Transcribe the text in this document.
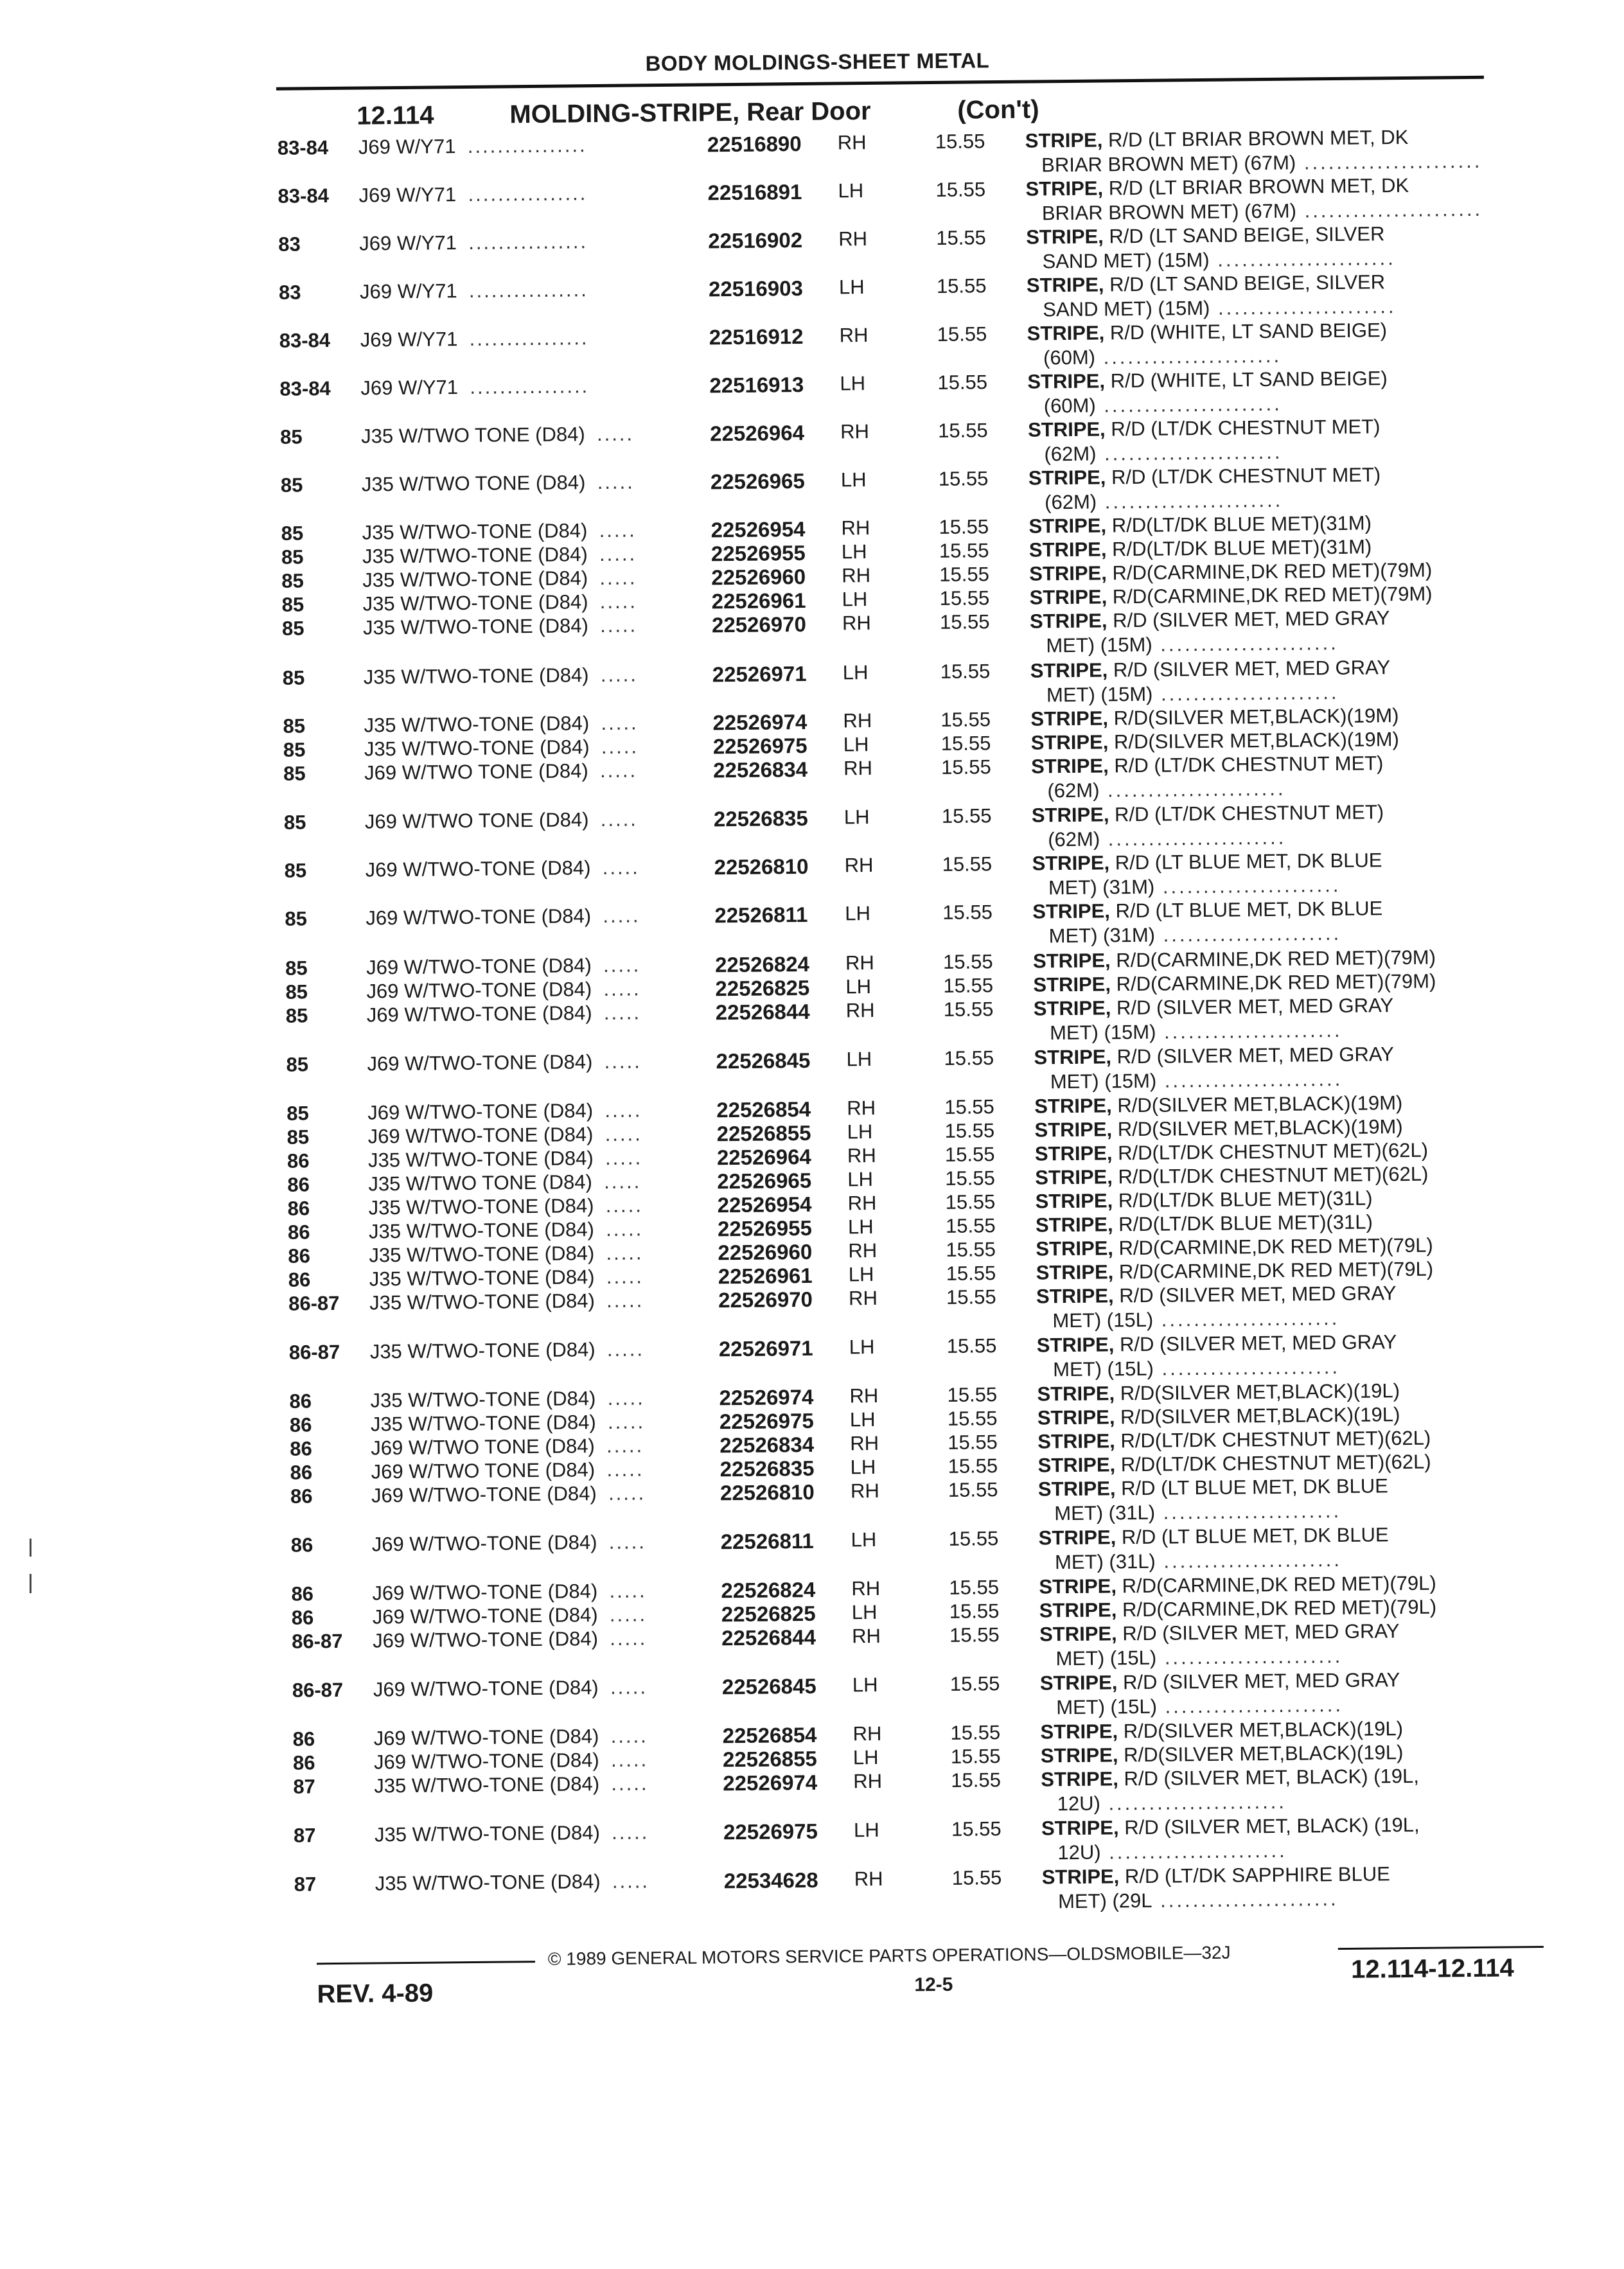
BODY MOLDINGS-SHEET METAL
12.114	MOLDING-STRIPE, Rear Door	(Con't)
83-84 J69 W/Y71 ................	22516890 RH	15.55 STRIPE, R/D (LT BRIAR BROWN MET, DK
BRIAR BROWN MET) (67M) ......................
83-84 J69 W/Y71 ................	22516891 LH	15.55 STRIPE, R/D (LT BRIAR BROWN MET, DK
BRIAR BROWN MET) (67M) ......................
83	J69 W/Y71 ................	22516902 RH	15.55 STRIPE, R/D (LT SAND BEIGE, SILVER
SAND MET) (15M) ......................
83	J69 W/Y71 ................	22516903 LH	15.55 STRIPE, R/D (LT SAND BEIGE, SILVER
SAND MET) (15M) ......................
83-84 J69 W/Y71 ................	22516912 RH	15.55 STRIPE, R/D (WHITE, LT SAND BEIGE)
(60M) ......................
83-84 J69 W/Y71 ................	22516913 LH	15.55 STRIPE, R/D (WHITE, LT SAND BEIGE)
(60M) ......................
85	J35 W/TWO TONE (D84) .....	22526964 RH	15.55 STRIPE, R/D (LT/DK CHESTNUT MET)
(62M) ......................
85	J35 W/TWO TONE (D84) .....	22526965 LH	15.55 STRIPE, R/D (LT/DK CHESTNUT MET)
(62M) ......................
85	J35 W/TWO-TONE (D84) .....	22526954 RH	15.55 STRIPE, R/D(LT/DK BLUE MET)(31M)
85	J35 W/TWO-TONE (D84) .....	22526955 LH	15.55 STRIPE, R/D(LT/DK BLUE MET)(31M)
85	J35 W/TWO-TONE (D84) .....	22526960 RH	15.55 STRIPE, R/D(CARMINE,DK RED MET)(79M)
85	J35 W/TWO-TONE (D84) .....	22526961 LH	15.55 STRIPE, R/D(CARMINE,DK RED MET)(79M)
85	J35 W/TWO-TONE (D84) .....	22526970 RH	15.55 STRIPE, R/D (SILVER MET, MED GRAY
MET) (15M) ......................
85	J35 W/TWO-TONE (D84) .....	22526971 LH	15.55 STRIPE, R/D (SILVER MET, MED GRAY
MET) (15M) ......................
85	J35 W/TWO-TONE (D84) .....	22526974 RH	15.55 STRIPE, R/D(SILVER MET,BLACK)(19M)
85	J35 W/TWO-TONE (D84) .....	22526975 LH	15.55 STRIPE, R/D(SILVER MET,BLACK)(19M)
85	J69 W/TWO TONE (D84) .....	22526834 RH	15.55 STRIPE, R/D (LT/DK CHESTNUT MET)
(62M) ......................
85	J69 W/TWO TONE (D84) .....	22526835 LH	15.55 STRIPE, R/D (LT/DK CHESTNUT MET)
(62M) ......................
85	J69 W/TWO-TONE (D84) .....	22526810 RH	15.55 STRIPE, R/D (LT BLUE MET, DK BLUE
MET) (31M) ......................
85	J69 W/TWO-TONE (D84) .....	22526811 LH	15.55 STRIPE, R/D (LT BLUE MET, DK BLUE
MET) (31M) ......................
85	J69 W/TWO-TONE (D84) .....	22526824 RH	15.55 STRIPE, R/D(CARMINE,DK RED MET)(79M)
85	J69 W/TWO-TONE (D84) .....	22526825 LH	15.55 STRIPE, R/D(CARMINE,DK RED MET)(79M)
85	J69 W/TWO-TONE (D84) .....	22526844 RH	15.55 STRIPE, R/D (SILVER MET, MED GRAY
MET) (15M) ......................
85	J69 W/TWO-TONE (D84) .....	22526845 LH	15.55 STRIPE, R/D (SILVER MET, MED GRAY
MET) (15M) ......................
85	J69 W/TWO-TONE (D84) .....	22526854 RH	15.55 STRIPE, R/D(SILVER MET,BLACK)(19M)
85	J69 W/TWO-TONE (D84) .....	22526855 LH	15.55 STRIPE, R/D(SILVER MET,BLACK)(19M)
86	J35 W/TWO-TONE (D84) .....	22526964 RH	15.55 STRIPE, R/D(LT/DK CHESTNUT MET)(62L)
86	J35 W/TWO TONE (D84) .....	22526965 LH	15.55 STRIPE, R/D(LT/DK CHESTNUT MET)(62L)
86	J35 W/TWO-TONE (D84) .....	22526954 RH	15.55 STRIPE, R/D(LT/DK BLUE MET)(31L)
86	J35 W/TWO-TONE (D84) .....	22526955 LH	15.55 STRIPE, R/D(LT/DK BLUE MET)(31L)
86	J35 W/TWO-TONE (D84) .....	22526960 RH	15.55 STRIPE, R/D(CARMINE,DK RED MET)(79L)
86	J35 W/TWO-TONE (D84) .....	22526961 LH	15.55 STRIPE, R/D(CARMINE,DK RED MET)(79L)
86-87 J35 W/TWO-TONE (D84) .....	22526970 RH	15.55 STRIPE, R/D (SILVER MET, MED GRAY
MET) (15L) ......................
86-87 J35 W/TWO-TONE (D84) .....	22526971 LH	15.55 STRIPE, R/D (SILVER MET, MED GRAY
MET) (15L) ......................
86	J35 W/TWO-TONE (D84) .....	22526974 RH	15.55 STRIPE, R/D(SILVER MET,BLACK)(19L)
86	J35 W/TWO-TONE (D84) .....	22526975 LH	15.55 STRIPE, R/D(SILVER MET,BLACK)(19L)
86	J69 W/TWO TONE (D84) .....	22526834 RH	15.55 STRIPE, R/D(LT/DK CHESTNUT MET)(62L)
86	J69 W/TWO TONE (D84) .....	22526835 LH	15.55 STRIPE, R/D(LT/DK CHESTNUT MET)(62L)
86	J69 W/TWO-TONE (D84) .....	22526810 RH	15.55 STRIPE, R/D (LT BLUE MET, DK BLUE
MET) (31L) ......................
86	J69 W/TWO-TONE (D84) .....	22526811 LH	15.55 STRIPE, R/D (LT BLUE MET, DK BLUE
MET) (31L) ......................
86	J69 W/TWO-TONE (D84) .....	22526824 RH	15.55 STRIPE, R/D(CARMINE,DK RED MET)(79L)
86	J69 W/TWO-TONE (D84) .....	22526825 LH	15.55 STRIPE, R/D(CARMINE,DK RED MET)(79L)
86-87 J69 W/TWO-TONE (D84) .....	22526844 RH	15.55 STRIPE, R/D (SILVER MET, MED GRAY
MET) (15L) ......................
86-87 J69 W/TWO-TONE (D84) .....	22526845 LH	15.55 STRIPE, R/D (SILVER MET, MED GRAY
MET) (15L) ......................
86	J69 W/TWO-TONE (D84) .....	22526854 RH	15.55 STRIPE, R/D(SILVER MET,BLACK)(19L)
86	J69 W/TWO-TONE (D84) .....	22526855 LH	15.55 STRIPE, R/D(SILVER MET,BLACK)(19L)
87	J35 W/TWO-TONE (D84) .....	22526974 RH	15.55 STRIPE, R/D (SILVER MET, BLACK) (19L,
12U) ......................
87	J35 W/TWO-TONE (D84) .....	22526975 LH	15.55 STRIPE, R/D (SILVER MET, BLACK) (19L,
12U) ......................
87	J35 W/TWO-TONE (D84) .....	22534628 RH	15.55 STRIPE, R/D (LT/DK SAPPHIRE BLUE
MET) (29L ......................
© 1989 GENERAL MOTORS SERVICE PARTS OPERATIONS—OLDSMOBILE—32J
REV. 4-89	12-5
12.114-12.114
